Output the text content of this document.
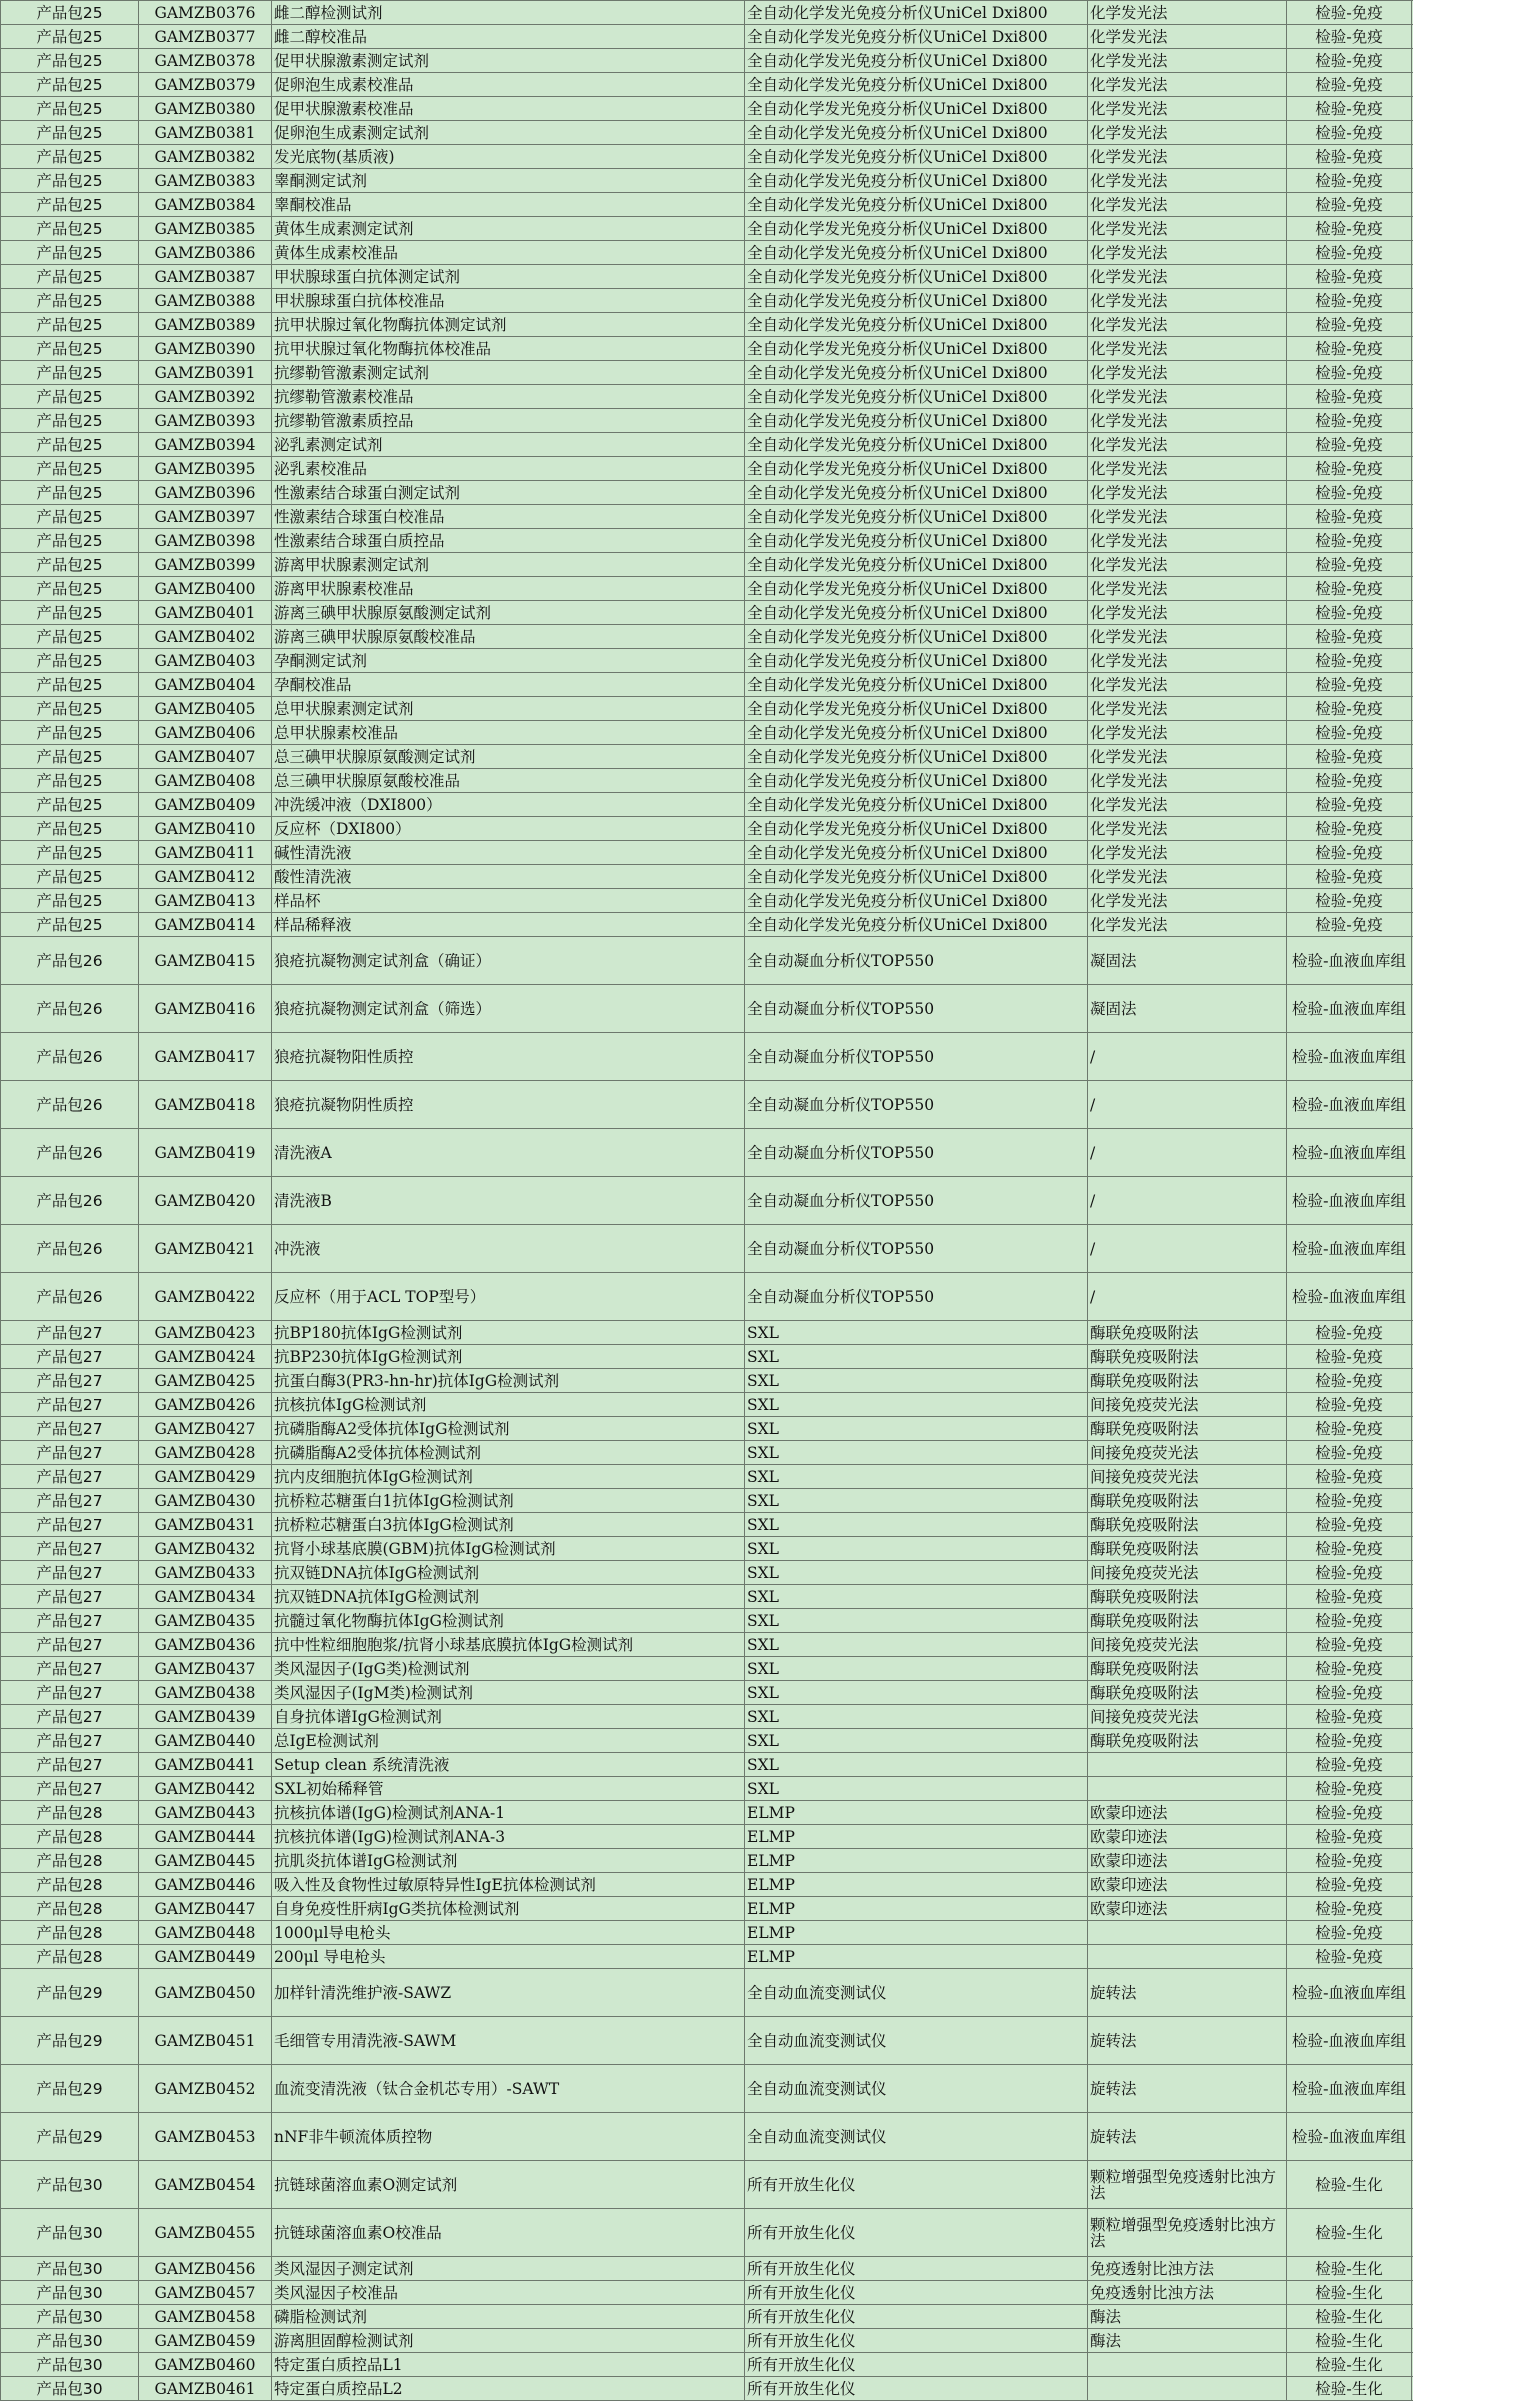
产品包25	GAMZB0376	雌二醇检测试剂	全自动化学发光免疫分析仪UniCel Dxi800	化学发光法	检验-免疫	
产品包25	GAMZB0377	雌二醇校准品	全自动化学发光免疫分析仪UniCel Dxi800	化学发光法	检验-免疫	
产品包25	GAMZB0378	促甲状腺激素测定试剂	全自动化学发光免疫分析仪UniCel Dxi800	化学发光法	检验-免疫	
产品包25	GAMZB0379	促卵泡生成素校准品	全自动化学发光免疫分析仪UniCel Dxi800	化学发光法	检验-免疫	
产品包25	GAMZB0380	促甲状腺激素校准品	全自动化学发光免疫分析仪UniCel Dxi800	化学发光法	检验-免疫	
产品包25	GAMZB0381	促卵泡生成素测定试剂	全自动化学发光免疫分析仪UniCel Dxi800	化学发光法	检验-免疫	
产品包25	GAMZB0382	发光底物(基质液)	全自动化学发光免疫分析仪UniCel Dxi800	化学发光法	检验-免疫	
产品包25	GAMZB0383	睾酮测定试剂	全自动化学发光免疫分析仪UniCel Dxi800	化学发光法	检验-免疫	
产品包25	GAMZB0384	睾酮校准品	全自动化学发光免疫分析仪UniCel Dxi800	化学发光法	检验-免疫	
产品包25	GAMZB0385	黄体生成素测定试剂	全自动化学发光免疫分析仪UniCel Dxi800	化学发光法	检验-免疫	
产品包25	GAMZB0386	黄体生成素校准品	全自动化学发光免疫分析仪UniCel Dxi800	化学发光法	检验-免疫	
产品包25	GAMZB0387	甲状腺球蛋白抗体测定试剂	全自动化学发光免疫分析仪UniCel Dxi800	化学发光法	检验-免疫	
产品包25	GAMZB0388	甲状腺球蛋白抗体校准品	全自动化学发光免疫分析仪UniCel Dxi800	化学发光法	检验-免疫	
产品包25	GAMZB0389	抗甲状腺过氧化物酶抗体测定试剂	全自动化学发光免疫分析仪UniCel Dxi800	化学发光法	检验-免疫	
产品包25	GAMZB0390	抗甲状腺过氧化物酶抗体校准品	全自动化学发光免疫分析仪UniCel Dxi800	化学发光法	检验-免疫	
产品包25	GAMZB0391	抗缪勒管激素测定试剂	全自动化学发光免疫分析仪UniCel Dxi800	化学发光法	检验-免疫	
产品包25	GAMZB0392	抗缪勒管激素校准品	全自动化学发光免疫分析仪UniCel Dxi800	化学发光法	检验-免疫	
产品包25	GAMZB0393	抗缪勒管激素质控品	全自动化学发光免疫分析仪UniCel Dxi800	化学发光法	检验-免疫	
产品包25	GAMZB0394	泌乳素测定试剂	全自动化学发光免疫分析仪UniCel Dxi800	化学发光法	检验-免疫	
产品包25	GAMZB0395	泌乳素校准品	全自动化学发光免疫分析仪UniCel Dxi800	化学发光法	检验-免疫	
产品包25	GAMZB0396	性激素结合球蛋白测定试剂	全自动化学发光免疫分析仪UniCel Dxi800	化学发光法	检验-免疫	
产品包25	GAMZB0397	性激素结合球蛋白校准品	全自动化学发光免疫分析仪UniCel Dxi800	化学发光法	检验-免疫	
产品包25	GAMZB0398	性激素结合球蛋白质控品	全自动化学发光免疫分析仪UniCel Dxi800	化学发光法	检验-免疫	
产品包25	GAMZB0399	游离甲状腺素测定试剂	全自动化学发光免疫分析仪UniCel Dxi800	化学发光法	检验-免疫	
产品包25	GAMZB0400	游离甲状腺素校准品	全自动化学发光免疫分析仪UniCel Dxi800	化学发光法	检验-免疫	
产品包25	GAMZB0401	游离三碘甲状腺原氨酸测定试剂	全自动化学发光免疫分析仪UniCel Dxi800	化学发光法	检验-免疫	
产品包25	GAMZB0402	游离三碘甲状腺原氨酸校准品	全自动化学发光免疫分析仪UniCel Dxi800	化学发光法	检验-免疫	
产品包25	GAMZB0403	孕酮测定试剂	全自动化学发光免疫分析仪UniCel Dxi800	化学发光法	检验-免疫	
产品包25	GAMZB0404	孕酮校准品	全自动化学发光免疫分析仪UniCel Dxi800	化学发光法	检验-免疫	
产品包25	GAMZB0405	总甲状腺素测定试剂	全自动化学发光免疫分析仪UniCel Dxi800	化学发光法	检验-免疫	
产品包25	GAMZB0406	总甲状腺素校准品	全自动化学发光免疫分析仪UniCel Dxi800	化学发光法	检验-免疫	
产品包25	GAMZB0407	总三碘甲状腺原氨酸测定试剂	全自动化学发光免疫分析仪UniCel Dxi800	化学发光法	检验-免疫	
产品包25	GAMZB0408	总三碘甲状腺原氨酸校准品	全自动化学发光免疫分析仪UniCel Dxi800	化学发光法	检验-免疫	
产品包25	GAMZB0409	冲洗缓冲液（DXI800）	全自动化学发光免疫分析仪UniCel Dxi800	化学发光法	检验-免疫	
产品包25	GAMZB0410	反应杯（DXI800）	全自动化学发光免疫分析仪UniCel Dxi800	化学发光法	检验-免疫	
产品包25	GAMZB0411	碱性清洗液	全自动化学发光免疫分析仪UniCel Dxi800	化学发光法	检验-免疫	
产品包25	GAMZB0412	酸性清洗液	全自动化学发光免疫分析仪UniCel Dxi800	化学发光法	检验-免疫	
产品包25	GAMZB0413	样品杯	全自动化学发光免疫分析仪UniCel Dxi800	化学发光法	检验-免疫	
产品包25	GAMZB0414	样品稀释液	全自动化学发光免疫分析仪UniCel Dxi800	化学发光法	检验-免疫	
产品包26	GAMZB0415	狼疮抗凝物测定试剂盒（确证）	全自动凝血分析仪TOP550	凝固法	检验-血液血库组	
产品包26	GAMZB0416	狼疮抗凝物测定试剂盒（筛选）	全自动凝血分析仪TOP550	凝固法	检验-血液血库组	
产品包26	GAMZB0417	狼疮抗凝物阳性质控	全自动凝血分析仪TOP550	/	检验-血液血库组	
产品包26	GAMZB0418	狼疮抗凝物阴性质控	全自动凝血分析仪TOP550	/	检验-血液血库组	
产品包26	GAMZB0419	清洗液A	全自动凝血分析仪TOP550	/	检验-血液血库组	
产品包26	GAMZB0420	清洗液B	全自动凝血分析仪TOP550	/	检验-血液血库组	
产品包26	GAMZB0421	冲洗液	全自动凝血分析仪TOP550	/	检验-血液血库组	
产品包26	GAMZB0422	反应杯（用于ACL TOP型号）	全自动凝血分析仪TOP550	/	检验-血液血库组	
产品包27	GAMZB0423	抗BP180抗体IgG检测试剂	SXL	酶联免疫吸附法	检验-免疫	
产品包27	GAMZB0424	抗BP230抗体IgG检测试剂	SXL	酶联免疫吸附法	检验-免疫	
产品包27	GAMZB0425	抗蛋白酶3(PR3-hn-hr)抗体IgG检测试剂	SXL	酶联免疫吸附法	检验-免疫	
产品包27	GAMZB0426	抗核抗体IgG检测试剂	SXL	间接免疫荧光法	检验-免疫	
产品包27	GAMZB0427	抗磷脂酶A2受体抗体IgG检测试剂	SXL	酶联免疫吸附法	检验-免疫	
产品包27	GAMZB0428	抗磷脂酶A2受体抗体检测试剂	SXL	间接免疫荧光法	检验-免疫	
产品包27	GAMZB0429	抗内皮细胞抗体IgG检测试剂	SXL	间接免疫荧光法	检验-免疫	
产品包27	GAMZB0430	抗桥粒芯糖蛋白1抗体IgG检测试剂	SXL	酶联免疫吸附法	检验-免疫	
产品包27	GAMZB0431	抗桥粒芯糖蛋白3抗体IgG检测试剂	SXL	酶联免疫吸附法	检验-免疫	
产品包27	GAMZB0432	抗肾小球基底膜(GBM)抗体IgG检测试剂	SXL	酶联免疫吸附法	检验-免疫	
产品包27	GAMZB0433	抗双链DNA抗体IgG检测试剂	SXL	间接免疫荧光法	检验-免疫	
产品包27	GAMZB0434	抗双链DNA抗体IgG检测试剂	SXL	酶联免疫吸附法	检验-免疫	
产品包27	GAMZB0435	抗髓过氧化物酶抗体IgG检测试剂	SXL	酶联免疫吸附法	检验-免疫	
产品包27	GAMZB0436	抗中性粒细胞胞浆/抗肾小球基底膜抗体IgG检测试剂	SXL	间接免疫荧光法	检验-免疫	
产品包27	GAMZB0437	类风湿因子(IgG类)检测试剂	SXL	酶联免疫吸附法	检验-免疫	
产品包27	GAMZB0438	类风湿因子(IgM类)检测试剂	SXL	酶联免疫吸附法	检验-免疫	
产品包27	GAMZB0439	自身抗体谱IgG检测试剂	SXL	间接免疫荧光法	检验-免疫	
产品包27	GAMZB0440	总IgE检测试剂	SXL	酶联免疫吸附法	检验-免疫	
产品包27	GAMZB0441	Setup clean 系统清洗液	SXL		检验-免疫	
产品包27	GAMZB0442	SXL初始稀释管	SXL		检验-免疫	
产品包28	GAMZB0443	抗核抗体谱(IgG)检测试剂ANA-1	ELMP	欧蒙印迹法	检验-免疫	
产品包28	GAMZB0444	抗核抗体谱(IgG)检测试剂ANA-3	ELMP	欧蒙印迹法	检验-免疫	
产品包28	GAMZB0445	抗肌炎抗体谱IgG检测试剂	ELMP	欧蒙印迹法	检验-免疫	
产品包28	GAMZB0446	吸入性及食物性过敏原特异性IgE抗体检测试剂	ELMP	欧蒙印迹法	检验-免疫	
产品包28	GAMZB0447	自身免疫性肝病IgG类抗体检测试剂	ELMP	欧蒙印迹法	检验-免疫	
产品包28	GAMZB0448	1000μl导电枪头	ELMP		检验-免疫	
产品包28	GAMZB0449	200μl 导电枪头	ELMP		检验-免疫	
产品包29	GAMZB0450	加样针清洗维护液-SAWZ	全自动血流变测试仪	旋转法	检验-血液血库组	
产品包29	GAMZB0451	毛细管专用清洗液-SAWM	全自动血流变测试仪	旋转法	检验-血液血库组	
产品包29	GAMZB0452	血流变清洗液（钛合金机芯专用）-SAWT	全自动血流变测试仪	旋转法	检验-血液血库组	
产品包29	GAMZB0453	nNF非牛顿流体质控物	全自动血流变测试仪	旋转法	检验-血液血库组	
产品包30	GAMZB0454	抗链球菌溶血素O测定试剂	所有开放生化仪	颗粒增强型免疫透射比浊方法	检验-生化	
产品包30	GAMZB0455	抗链球菌溶血素O校准品	所有开放生化仪	颗粒增强型免疫透射比浊方法	检验-生化	
产品包30	GAMZB0456	类风湿因子测定试剂	所有开放生化仪	免疫透射比浊方法	检验-生化	
产品包30	GAMZB0457	类风湿因子校准品	所有开放生化仪	免疫透射比浊方法	检验-生化	
产品包30	GAMZB0458	磷脂检测试剂	所有开放生化仪	酶法	检验-生化	
产品包30	GAMZB0459	游离胆固醇检测试剂	所有开放生化仪	酶法	检验-生化	
产品包30	GAMZB0460	特定蛋白质控品L1	所有开放生化仪		检验-生化	
产品包30	GAMZB0461	特定蛋白质控品L2	所有开放生化仪		检验-生化	
